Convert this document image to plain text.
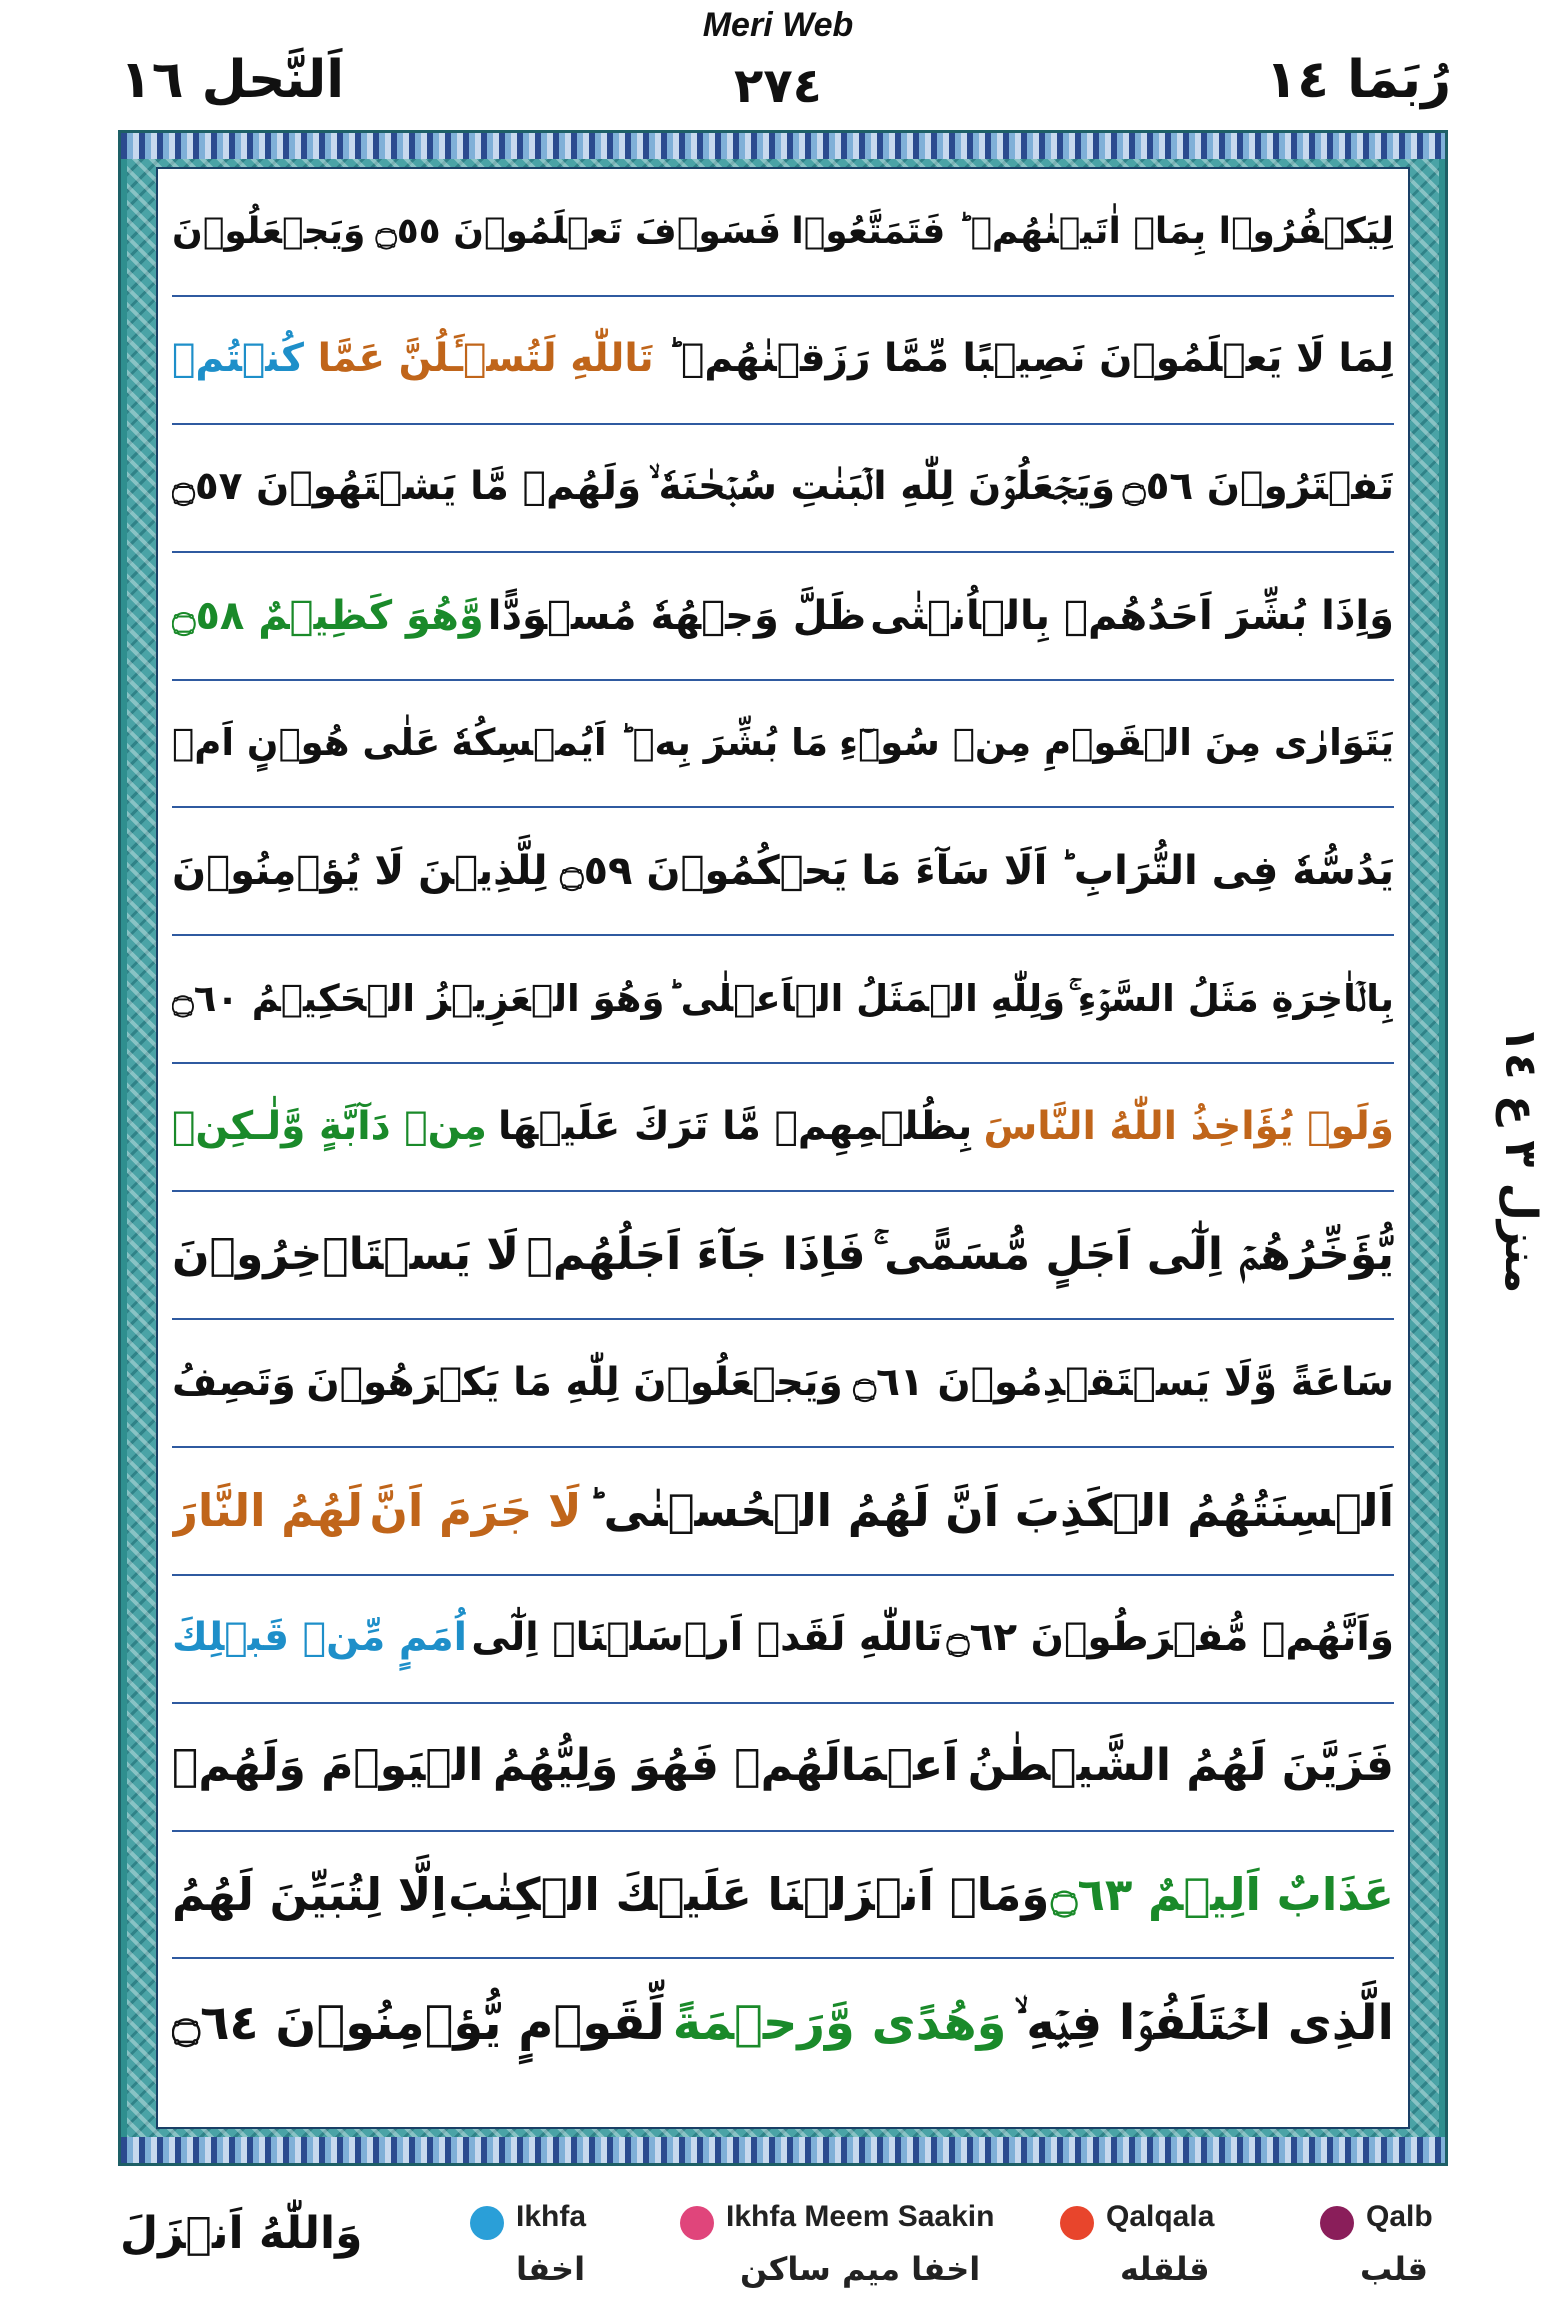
Meri Web
رُبَمَا ١٤
٢٧٤
اَلنَّحل ١٦
لِيَكۡفُرُوۡا بِمَاۤ اٰتَيۡنٰهُمۡ ؕ فَتَمَتَّعُوۡا
فَسَوۡفَ تَعۡلَمُوۡنَ ۝٥٥
وَيَجۡعَلُوۡنَ
لِمَا لَا يَعۡلَمُوۡنَ نَصِيۡبًا مِّمَّا رَزَقۡنٰهُمۡ ؕ
تَاللّٰهِ لَتُسۡـَٔلُنَّ عَمَّا
كُنۡتُمۡ
تَفۡتَرُوۡنَ ۝٥٦
وَيَجۡعَلُوۡنَ لِلّٰهِ الۡبَنٰتِ سُبۡحٰنَهٗ ۙ
وَلَهُمۡ مَّا يَشۡتَهُوۡنَ ۝٥٧
وَاِذَا بُشِّرَ اَحَدُهُمۡ بِالۡاُنۡثٰى
ظَلَّ وَجۡهُهٗ مُسۡوَدًّا
وَّهُوَ كَظِيۡمٌ ۝٥٨
يَتَوَارٰى مِنَ الۡقَوۡمِ مِنۡ سُوۡٓءِ
مَا بُشِّرَ بِهٖ ؕ اَيُمۡسِكُهٗ
عَلٰى هُوۡنٍ اَمۡ
يَدُسُّهٗ فِى التُّرَابِ ؕ
اَلَا سَآءَ مَا يَحۡكُمُوۡنَ ۝٥٩
لِلَّذِيۡنَ لَا يُؤۡمِنُوۡنَ
بِالۡاٰخِرَةِ مَثَلُ السَّوۡءِ ۚ
وَلِلّٰهِ الۡمَثَلُ الۡاَعۡلٰى ؕ
وَهُوَ الۡعَزِيۡزُ الۡحَكِيۡمُ ۝٦٠
وَلَوۡ يُؤَاخِذُ اللّٰهُ النَّاسَ
بِظُلۡمِهِمۡ مَّا تَرَكَ عَلَيۡهَا
مِنۡ دَآبَّةٍ وَّلٰـكِنۡ
يُّؤَخِّرُهُمۡ اِلٰٓى اَجَلٍ مُّسَمًّى ۚ
فَاِذَا جَآءَ اَجَلُهُمۡ
لَا يَسۡتَاۡخِرُوۡنَ
سَاعَةً وَّلَا يَسۡتَقۡدِمُوۡنَ ۝٦١
وَيَجۡعَلُوۡنَ لِلّٰهِ مَا يَكۡرَهُوۡنَ
وَتَصِفُ
اَلۡسِنَتُهُمُ الۡكَذِبَ اَنَّ لَهُمُ الۡحُسۡنٰى ؕ
لَا جَرَمَ اَنَّ
لَهُمُ النَّارَ
وَاَنَّهُمۡ مُّفۡرَطُوۡنَ ۝٦٢
تَاللّٰهِ لَقَدۡ اَرۡسَلۡنَاۤ اِلٰٓى
اُمَمٍ مِّنۡ قَبۡلِكَ
فَزَيَّنَ لَهُمُ الشَّيۡطٰنُ
اَعۡمَالَهُمۡ فَهُوَ وَلِيُّهُمُ
الۡيَوۡمَ وَلَهُمۡ
عَذَابٌ اَلِيۡمٌ ۝٦٣
وَمَاۤ اَنۡزَلۡنَا عَلَيۡكَ الۡكِتٰبَ
اِلَّا لِتُبَيِّنَ لَهُمُ
الَّذِى اخۡتَلَفُوۡا فِيۡهِ ۙ
وَهُدًى وَّرَحۡمَةً
لِّقَوۡمٍ يُّؤۡمِنُوۡنَ ۝٦٤
منزل ٣ ع ١٤
وَاللّٰهُ اَنۡزَلَ	Qalb
قلب
Qalqala
قلقله
Ikhfa Meem Saakin
اخفا میم ساکن
Ikhfa
اخفا
